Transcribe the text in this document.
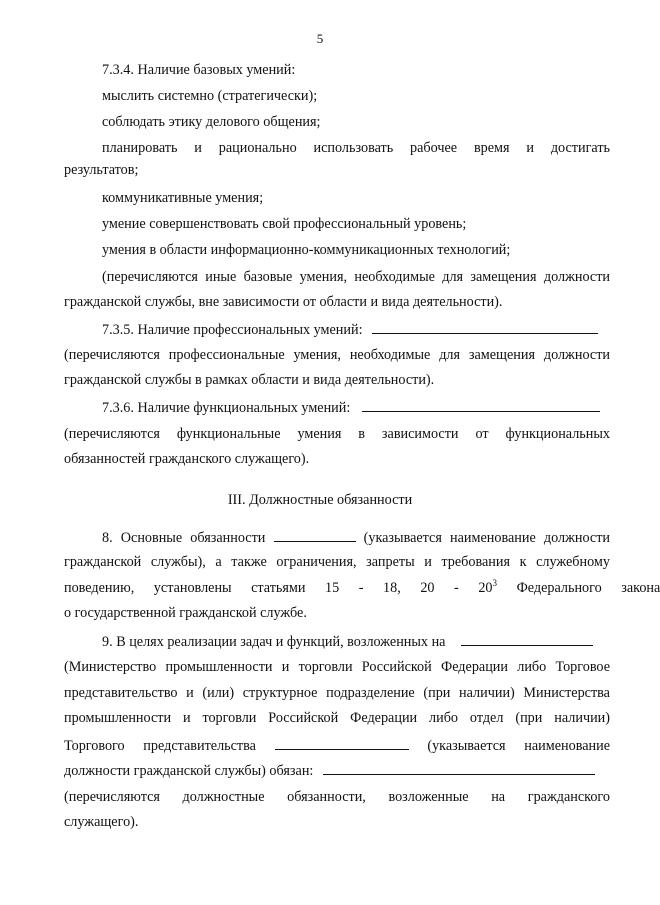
5
7.3.4. Наличие базовых умений:
мыслить системно (стратегически);
соблюдать этику делового общения;
планировать и рационально использовать рабочее время и достигать
результатов;
коммуникативные умения;
умение совершенствовать свой профессиональный уровень;
умения в области информационно-коммуникационных технологий;
(перечисляются иные базовые умения, необходимые для замещения должности
гражданской службы, вне зависимости от области и вида деятельности).
7.3.5. Наличие профессиональных умений:
(перечисляются профессиональные умения, необходимые для замещения должности
гражданской службы в рамках области и вида деятельности).
7.3.6. Наличие функциональных умений:
(перечисляются функциональные умения в зависимости от функциональных
обязанностей гражданского служащего).
III. Должностные обязанности
8. Основные обязанности	(указывается наименование должности
гражданской службы), а также ограничения, запреты и требования к служебному
поведению, установлены статьями 15 - 18, $20 - 20^3$ Федерального закона
о государственной гражданской службе.
9. В целях реализации задач и функций, возложенных на
(Министерство промышленности и торговли Российской Федерации либо Торговое
представительство и (или) структурное подразделение (при наличии) Министерства
промышленности и торговли Российской Федерации либо отдел (при наличии)
Торгового представительства	(указывается наименование
должности гражданской службы) обязан:
(перечисляются должностные обязанности, возложенные на гражданского
служащего).
